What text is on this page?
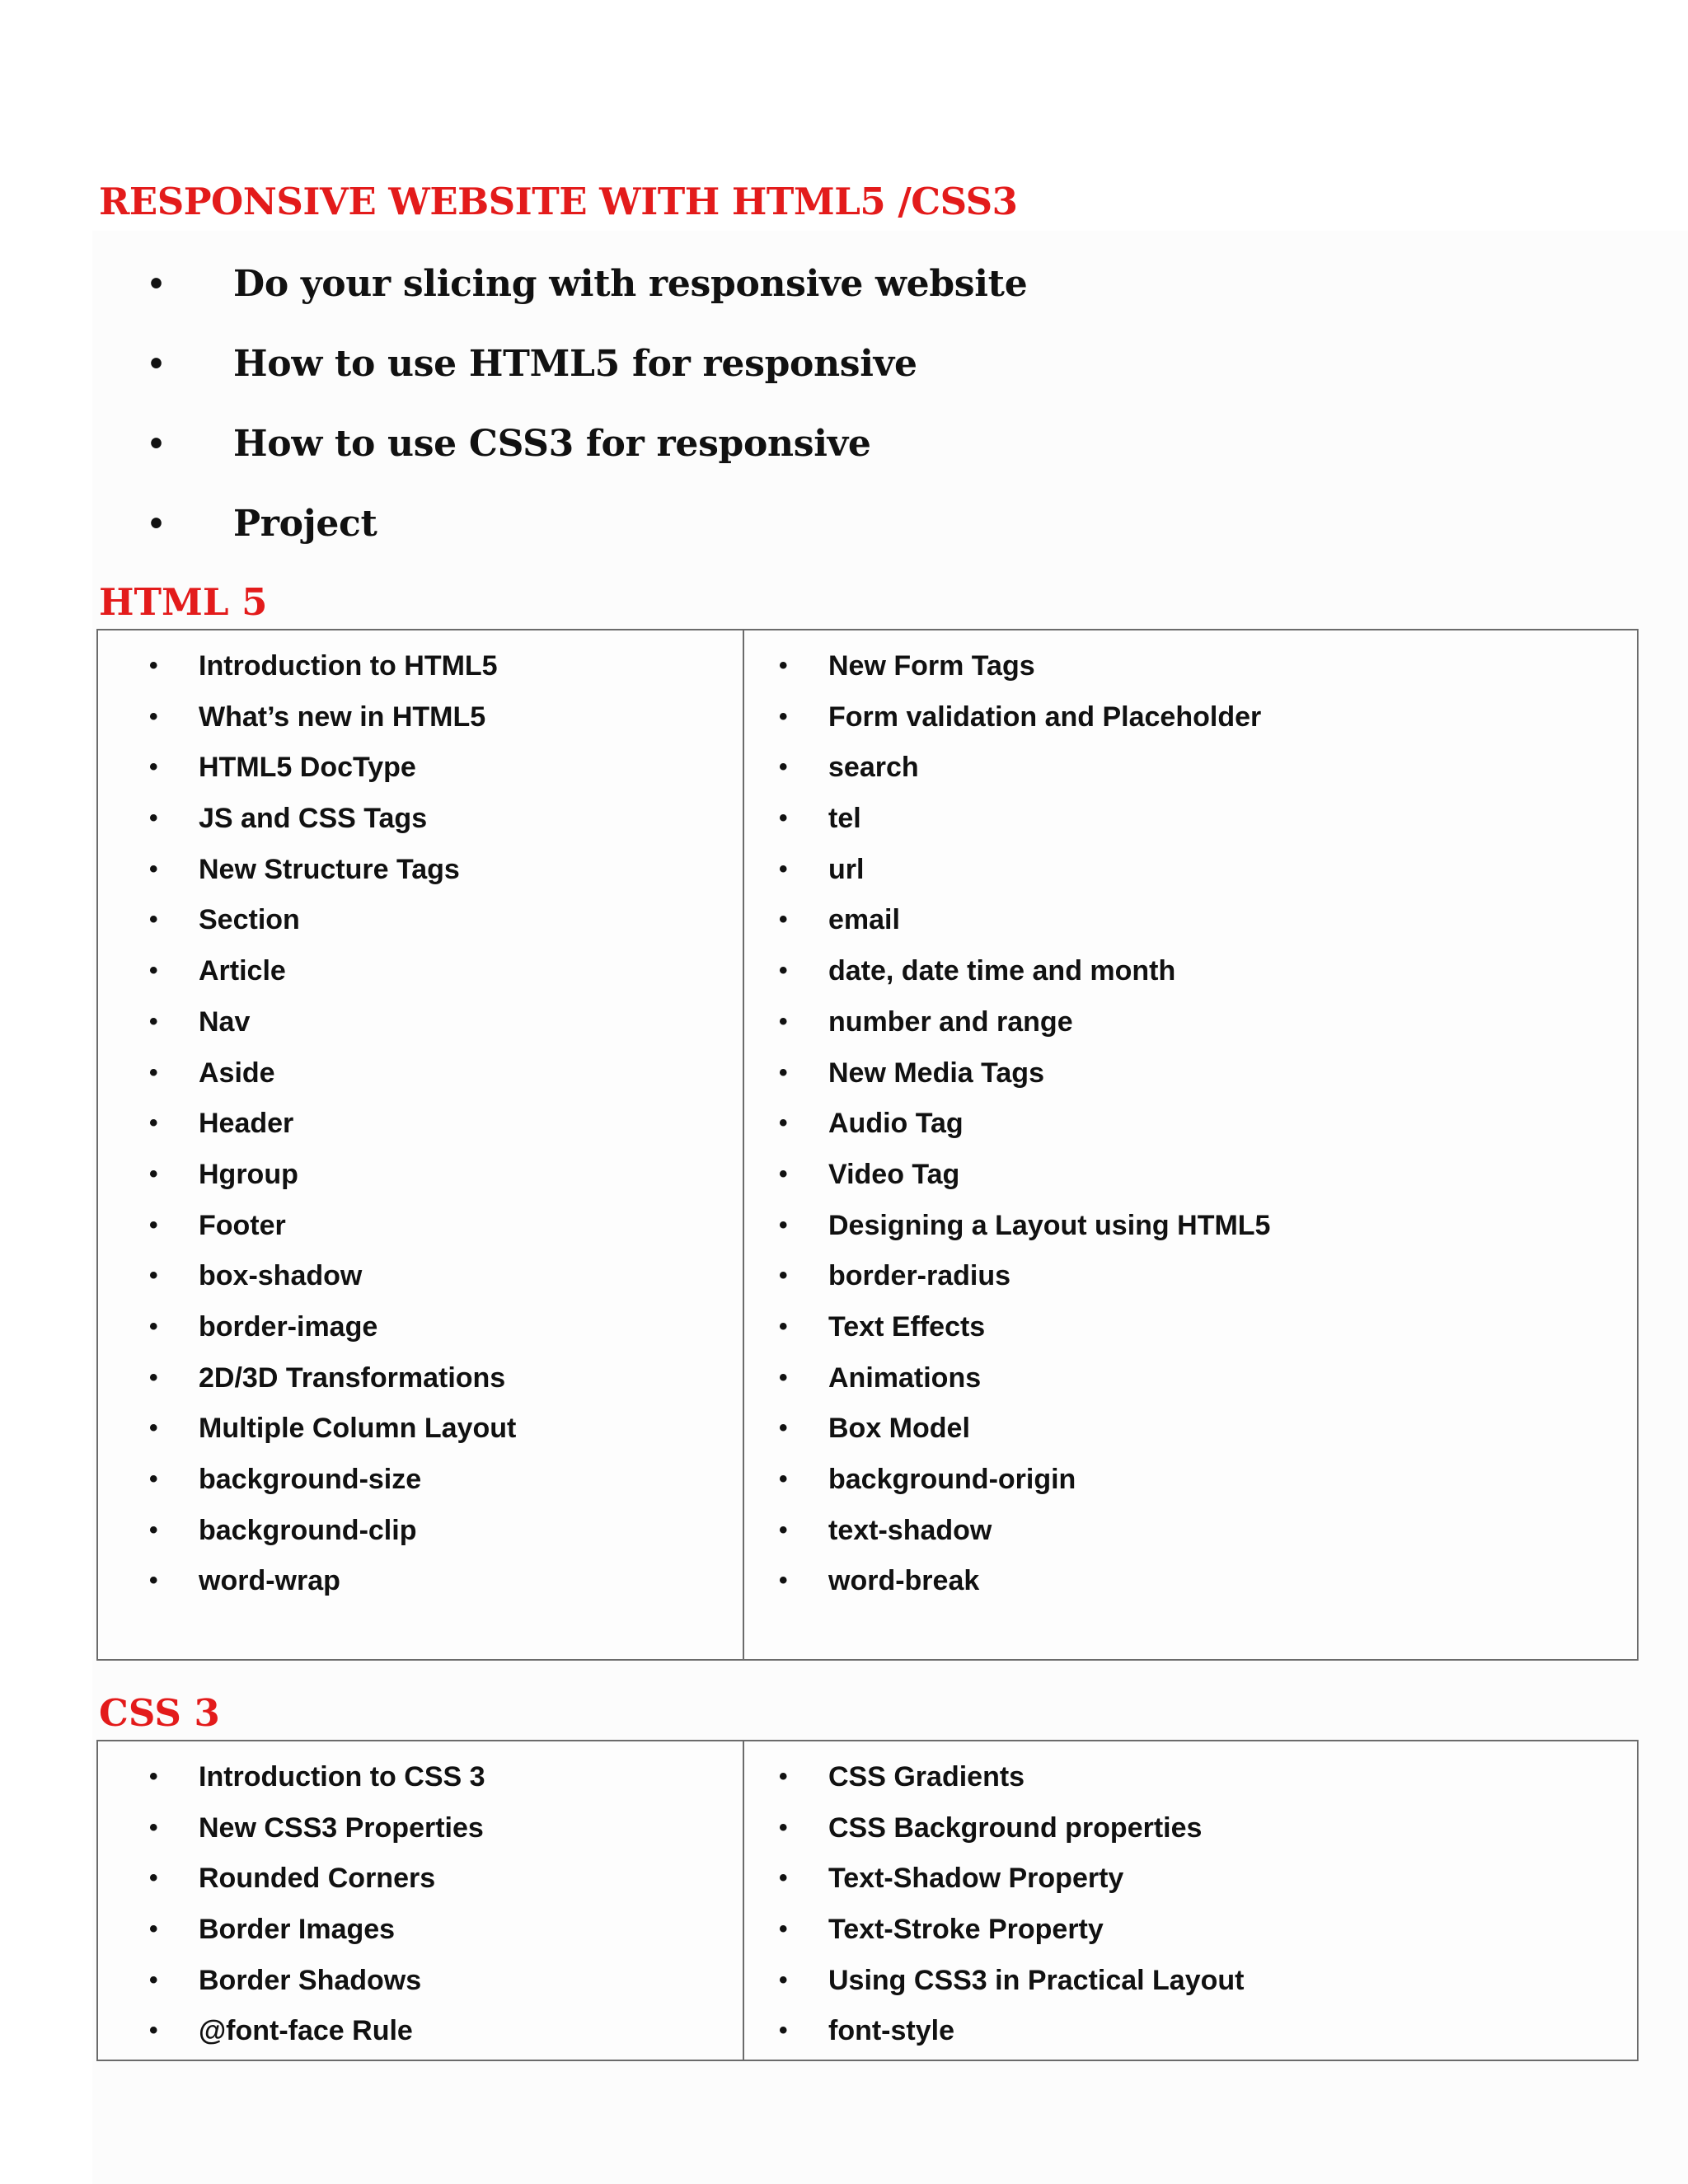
RESPONSIVE WEBSITE WITH HTML5 /CSS3
• Do your slicing with responsive website
• How to use HTML5 for responsive
• How to use CSS3 for responsive
• Project
HTML 5
• Introduction to HTML5
• What’s new in HTML5
• HTML5 DocType
• JS and CSS Tags
• New Structure Tags
• Section
• Article
• Nav
• Aside
• Header
• Hgroup
• Footer
• box-shadow
• border-image
• 2D/3D Transformations
• Multiple Column Layout
• background-size
• background-clip
• word-wrap
• New Form Tags
• Form validation and Placeholder
• search
• tel
• url
• email
• date, date time and month
• number and range
• New Media Tags
• Audio Tag
• Video Tag
• Designing a Layout using HTML5
• border-radius
• Text Effects
• Animations
• Box Model
• background-origin
• text-shadow
• word-break
CSS 3
• Introduction to CSS 3
• New CSS3 Properties
• Rounded Corners
• Border Images
• Border Shadows
• @font-face Rule
• CSS Gradients
• CSS Background properties
• Text-Shadow Property
• Text-Stroke Property
• Using CSS3 in Practical Layout
• font-style
